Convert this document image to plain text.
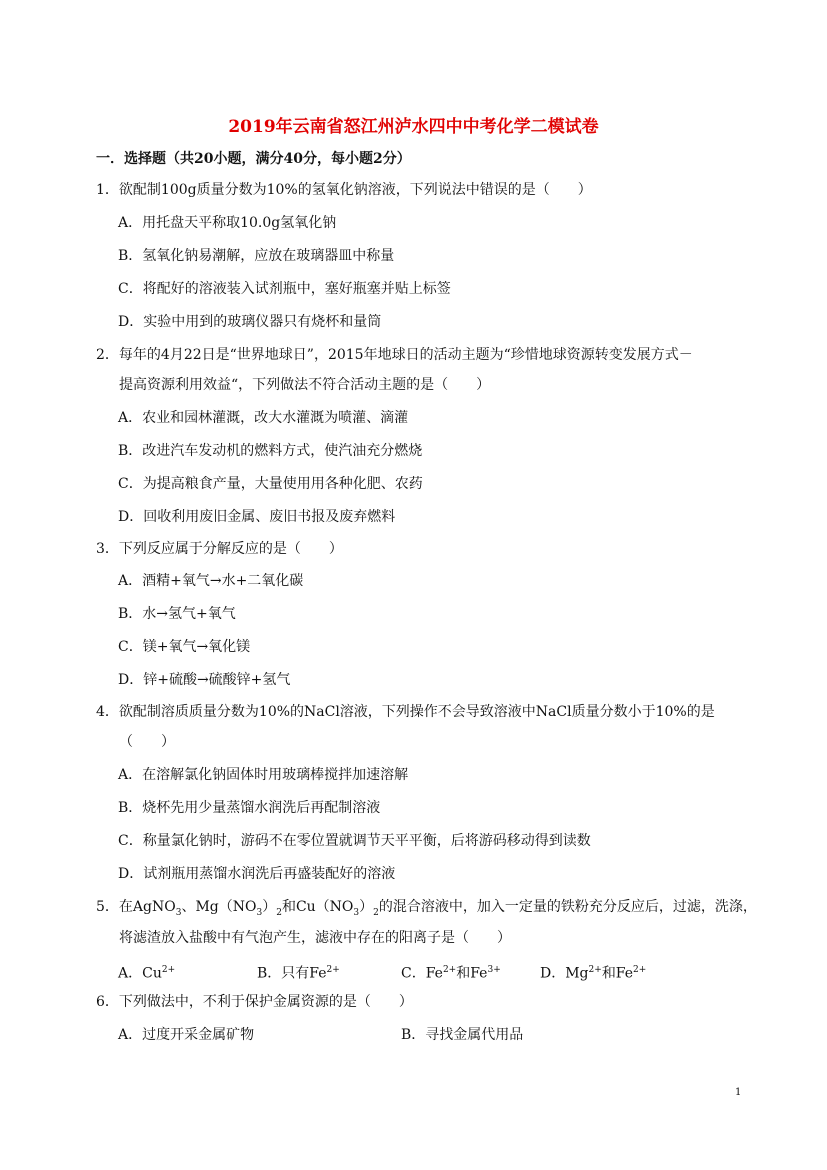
2019年云南省怒江州泸水四中中考化学二模试卷
一．选择题（共20小题，满分40分，每小题2分）
1．欲配制100g质量分数为10%的氢氧化钠溶液，下列说法中错误的是（　　）
A．用托盘天平称取10.0g氢氧化钠
B．氢氧化钠易潮解，应放在玻璃器皿中称量
C．将配好的溶液装入试剂瓶中，塞好瓶塞并贴上标签
D．实验中用到的玻璃仪器只有烧杯和量筒
2．每年的4月22日是“世界地球日”，2015年地球日的活动主题为“珍惜地球资源转变发展方式－
提高资源利用效益“，下列做法不符合活动主题的是（　　）
A．农业和园林灌溉，改大水灌溉为喷灌、滴灌
B．改进汽车发动机的燃料方式，使汽油充分燃烧
C．为提高粮食产量，大量使用用各种化肥、农药
D．回收利用废旧金属、废旧书报及废弃燃料
3．下列反应属于分解反应的是（　　）
A．酒精+氧气→水+二氧化碳
B．水→氢气+氧气
C．镁+氧气→氧化镁
D．锌+硫酸→硫酸锌+氢气
4．欲配制溶质质量分数为10%的NaCl溶液，下列操作不会导致溶液中NaCl质量分数小于10%的是
（　　）
A．在溶解氯化钠固体时用玻璃棒搅拌加速溶解
B．烧杯先用少量蒸馏水润洗后再配制溶液
C．称量氯化钠时，游码不在零位置就调节天平平衡，后将游码移动得到读数
D．试剂瓶用蒸馏水润洗后再盛装配好的溶液
5．在AgNO$_3$、$Mg(NO_3)_2$和$Cu(NO_3)_2$的混合溶液中，加入一定量的铁粉充分反应后，过滤，洗涤，
将滤渣放入盐酸中有气泡产生，滤液中存在的阳离子是（　　）
A．$Cu^{2+}$	B．只有$Fe^{2+}$	C．$Fe^{2+}$和$Fe^{3+}$	D．$Mg^{2+}$和$Fe^{2+}$
6．下列做法中，不利于保护金属资源的是（　　）
A．过度开采金属矿物	B．寻找金属代用品
1
